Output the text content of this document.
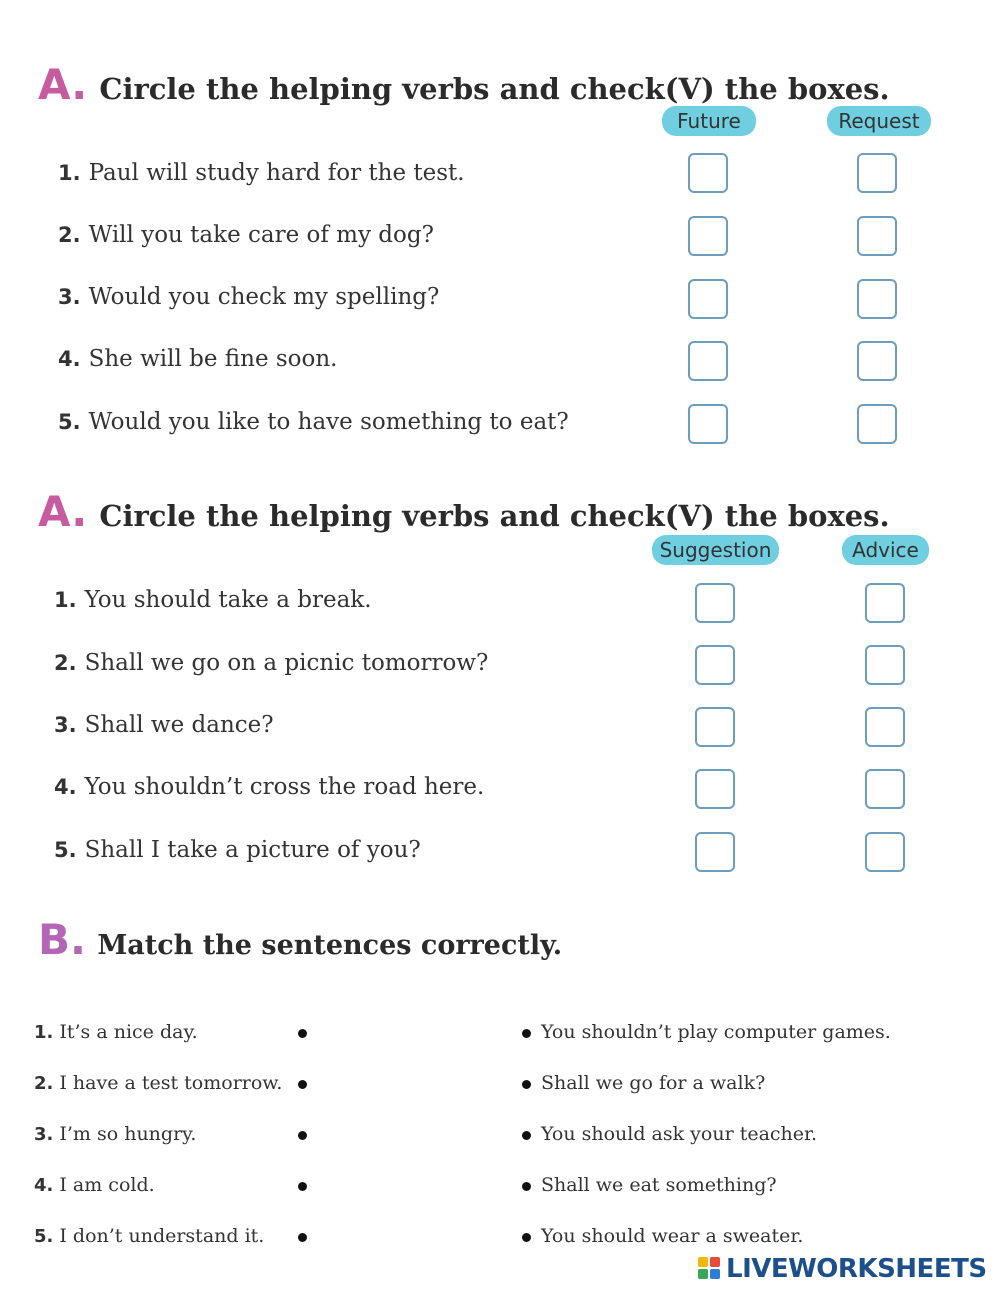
A. Circle the helping verbs and check(V) the boxes.
Future	Request
1. Paul will study hard for the test.
2. Will you take care of my dog?
3. Would you check my spelling?
4. She will be fine soon.
5. Would you like to have something to eat?
A. Circle the helping verbs and check(V) the boxes.
Suggestion	Advice
1. You should take a break.
2. Shall we go on a picnic tomorrow?
3. Shall we dance?
4. You shouldn’t cross the road here.
5. Shall I take a picture of you?
B. Match the sentences correctly.
1. It’s a nice day.
2. I have a test tomorrow.
3. I’m so hungry.
4. I am cold.
5. I don’t understand it.
You shouldn’t play computer games.
Shall we go for a walk?
You should ask your teacher.
Shall we eat something?
You should wear a sweater.
LIVEWORKSHEETS
